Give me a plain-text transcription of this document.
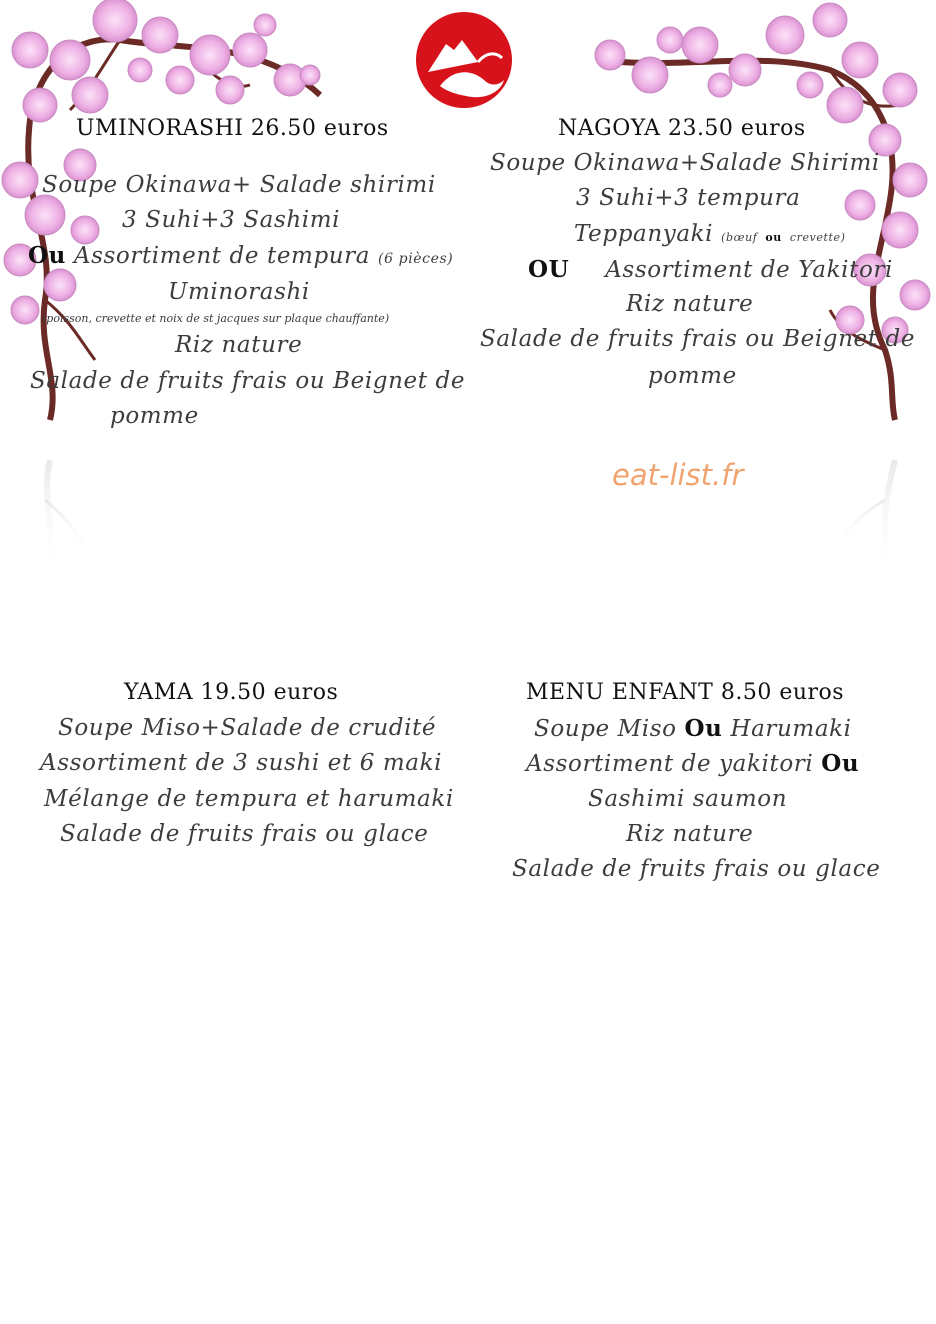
UMINORASHI 26.50 euros
Soupe Okinawa+ Salade shirimi
3 Suhi+3 Sashimi
Ou Assortiment de tempura (6 pièces)
Uminorashi
(poisson, crevette et noix de st jacques sur plaque chauffante)
Riz nature
Salade de fruits frais ou Beignet de
pomme
NAGOYA 23.50 euros
Soupe Okinawa+Salade Shirimi
3 Suhi+3 tempura
Teppanyaki (bœuf ou crevette)
OU Assortiment de Yakitori
Riz nature
Salade de fruits frais ou Beignet de
pomme
eat-list.fr
YAMA 19.50 euros
Soupe Miso+Salade de crudité
Assortiment de 3 sushi et 6 maki
Mélange de tempura et harumaki
Salade de fruits frais ou glace
MENU ENFANT 8.50 euros
Soupe Miso Ou Harumaki
Assortiment de yakitori Ou
Sashimi saumon
Riz nature
Salade de fruits frais ou glace
